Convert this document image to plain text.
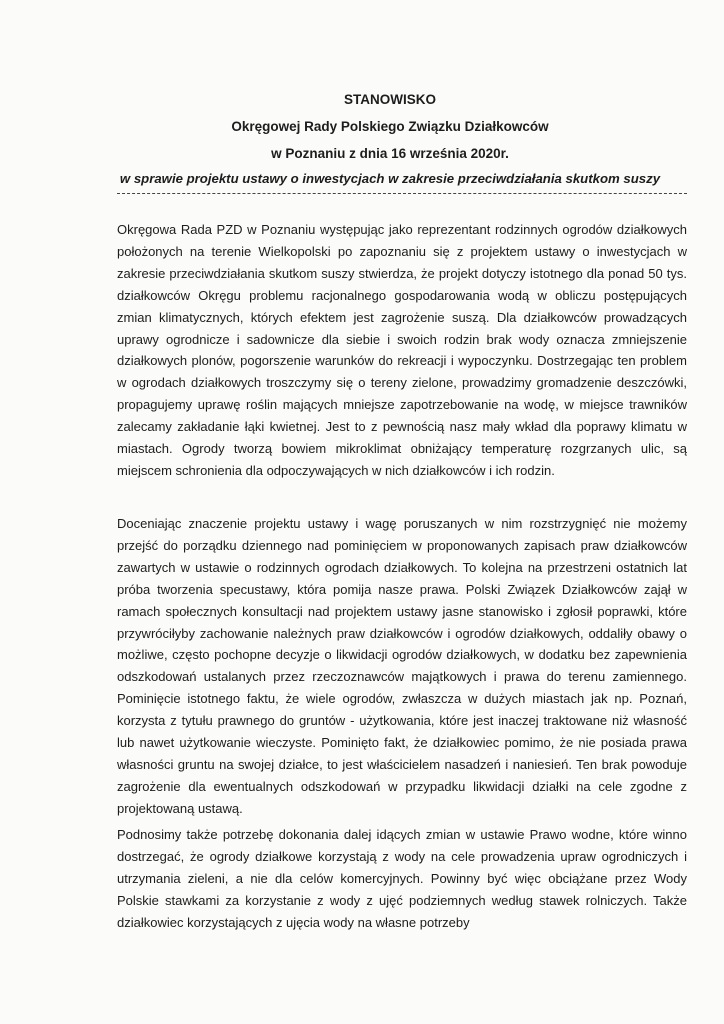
STANOWISKO

Okręgowej Rady Polskiego Związku Działkowców

w Poznaniu z dnia 16 września 2020r.

w sprawie projektu ustawy o inwestycjach w zakresie przeciwdziałania skutkom suszy

Okręgowa Rada PZD w Poznaniu występując jako reprezentant rodzinnych ogrodów działkowych położonych na terenie Wielkopolski po zapoznaniu się z projektem ustawy o inwestycjach w zakresie przeciwdziałania skutkom suszy stwierdza, że projekt dotyczy istotnego dla ponad 50 tys. działkowców Okręgu problemu racjonalnego gospodarowania wodą w obliczu postępujących zmian klimatycznych, których efektem jest zagrożenie suszą. Dla działkowców prowadzących uprawy ogrodnicze i sadownicze dla siebie i swoich rodzin brak wody oznacza zmniejszenie działkowych plonów, pogorszenie warunków do rekreacji i wypoczynku. Dostrzegając ten problem w ogrodach działkowych troszczymy się o tereny zielone, prowadzimy gromadzenie deszczówki, propagujemy uprawę roślin mających mniejsze zapotrzebowanie na wodę, w miejsce trawników zalecamy zakładanie łąki kwietnej. Jest to z pewnością nasz mały wkład dla poprawy klimatu w miastach. Ogrody tworzą bowiem mikroklimat obniżający temperaturę rozgrzanych ulic, są miejscem schronienia dla odpoczywających w nich działkowców i ich rodzin.

Doceniając znaczenie projektu ustawy i wagę poruszanych w nim rozstrzygnięć nie możemy przejść do porządku dziennego nad pominięciem w proponowanych zapisach praw działkowców zawartych w ustawie o rodzinnych ogrodach działkowych. To kolejna na przestrzeni ostatnich lat próba tworzenia specustawy, która pomija nasze prawa. Polski Związek Działkowców zajął w ramach społecznych konsultacji nad projektem ustawy jasne stanowisko i zgłosił poprawki, które przywróciłyby zachowanie należnych praw działkowców i ogrodów działkowych, oddaliły obawy o możliwe, często pochopne decyzje o likwidacji ogrodów działkowych, w dodatku bez zapewnienia odszkodowań ustalanych przez rzeczoznawców majątkowych i prawa do terenu zamiennego. Pominięcie istotnego faktu, że wiele ogrodów, zwłaszcza w dużych miastach jak np. Poznań, korzysta z tytułu prawnego do gruntów - użytkowania, które jest inaczej traktowane niż własność lub nawet użytkowanie wieczyste. Pominięto fakt, że działkowiec pomimo, że nie posiada prawa własności gruntu na swojej działce, to jest właścicielem nasadzeń i naniesień. Ten brak powoduje zagrożenie dla ewentualnych odszkodowań w przypadku likwidacji działki na cele zgodne z projektowaną ustawą.

Podnosimy także potrzebę dokonania dalej idących zmian w ustawie Prawo wodne, które winno dostrzegać, że ogrody działkowe korzystają z wody na cele prowadzenia upraw ogrodniczych i utrzymania zieleni, a nie dla celów komercyjnych. Powinny być więc obciążane przez Wody Polskie stawkami za korzystanie z wody z ujęć podziemnych według stawek rolniczych. Także działkowiec korzystających z ujęcia wody na własne potrzeby
